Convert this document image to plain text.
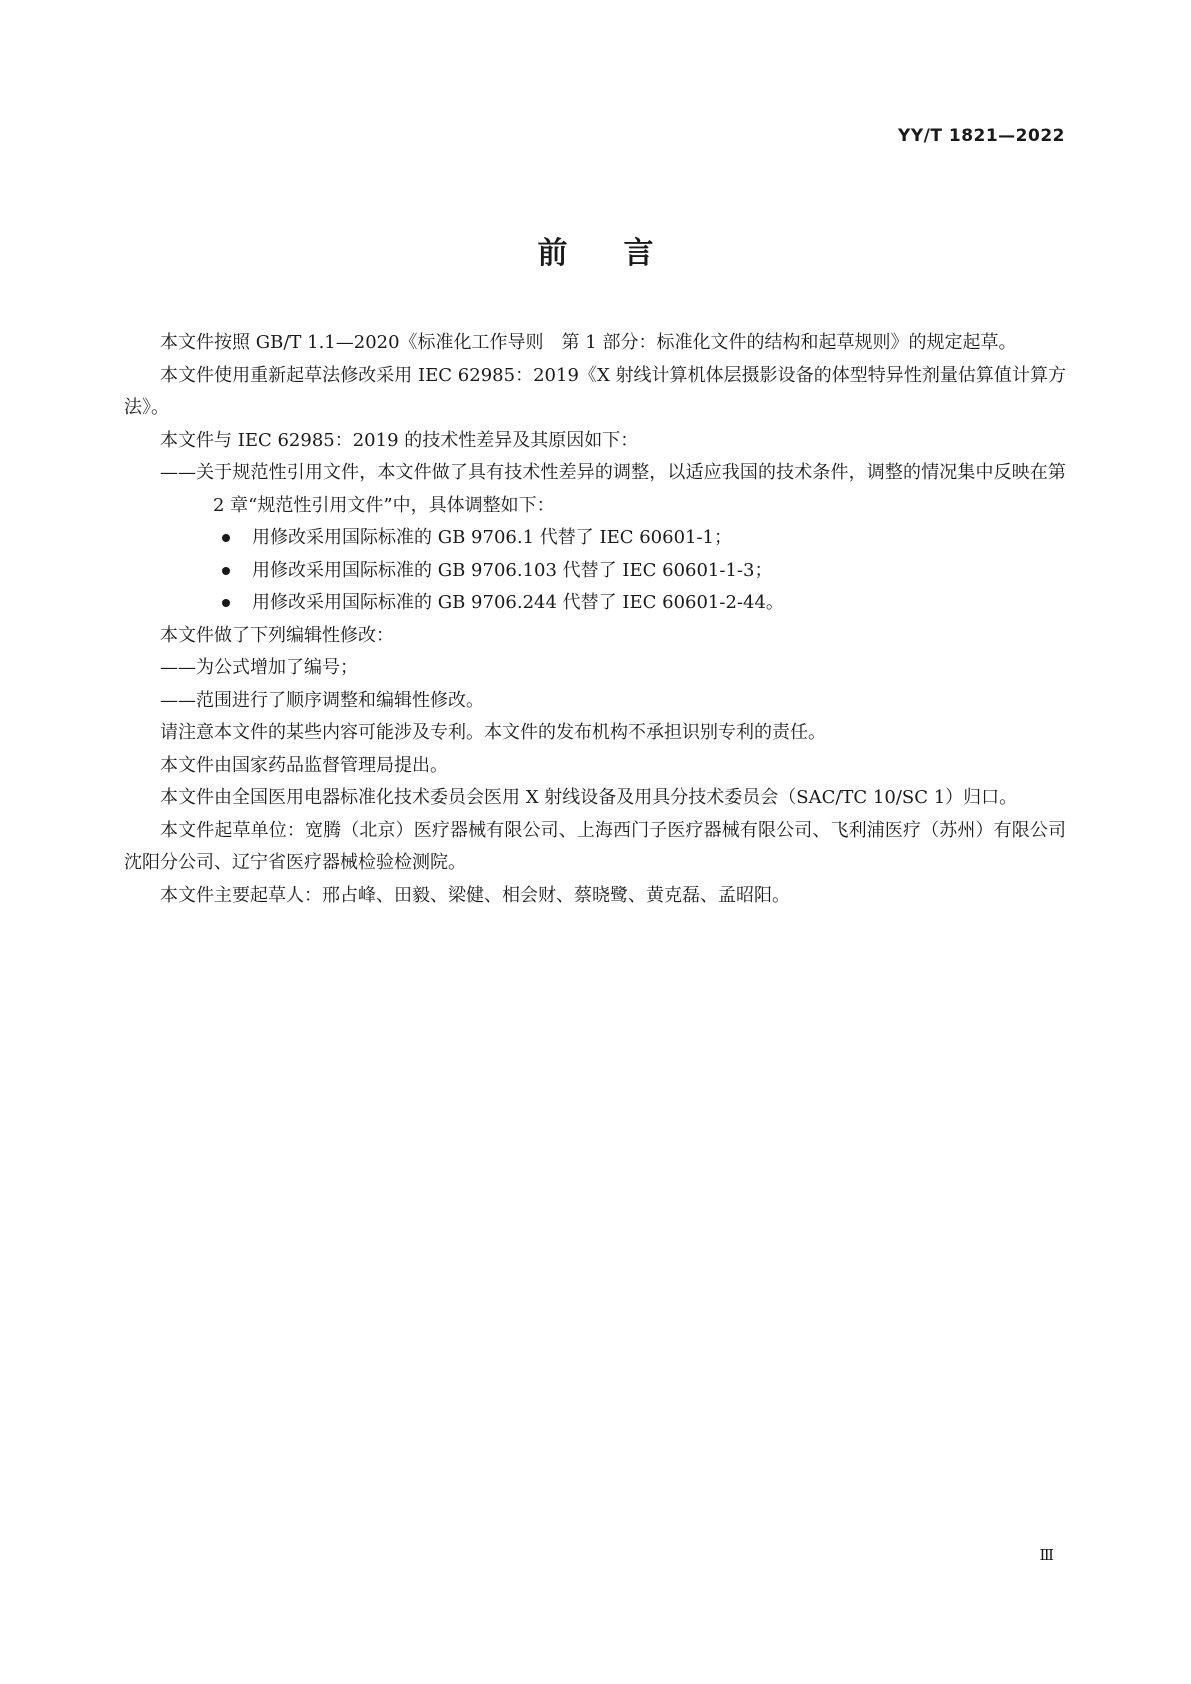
YY/T 1821—2022
前言

本文件按照 GB/T 1.1—2020《标准化工作导则　第 1 部分：标准化文件的结构和起草规则》的规定起草。

本文件使用重新起草法修改采用 IEC 62985：2019《X 射线计算机体层摄影设备的体型特异性剂量估算值计算方法》。

本文件与 IEC 62985：2019 的技术性差异及其原因如下：

——关于规范性引用文件，本文件做了具有技术性差异的调整，以适应我国的技术条件，调整的情况集中反映在第 2 章“规范性引用文件”中，具体调整如下：
用修改采用国际标准的 GB 9706.1 代替了 IEC 60601-1；
用修改采用国际标准的 GB 9706.103 代替了 IEC 60601-1-3；
用修改采用国际标准的 GB 9706.244 代替了 IEC 60601-2-44。

本文件做了下列编辑性修改：

——为公式增加了编号；
——范围进行了顺序调整和编辑性修改。

请注意本文件的某些内容可能涉及专利。本文件的发布机构不承担识别专利的责任。

本文件由国家药品监督管理局提出。

本文件由全国医用电器标准化技术委员会医用 X 射线设备及用具分技术委员会（SAC/TC 10/SC 1）归口。

本文件起草单位：宽腾（北京）医疗器械有限公司、上海西门子医疗器械有限公司、飞利浦医疗（苏州）有限公司沈阳分公司、辽宁省医疗器械检验检测院。

本文件主要起草人：邢占峰、田毅、梁健、相会财、蔡晓鹭、黄克磊、孟昭阳。

Ⅲ
